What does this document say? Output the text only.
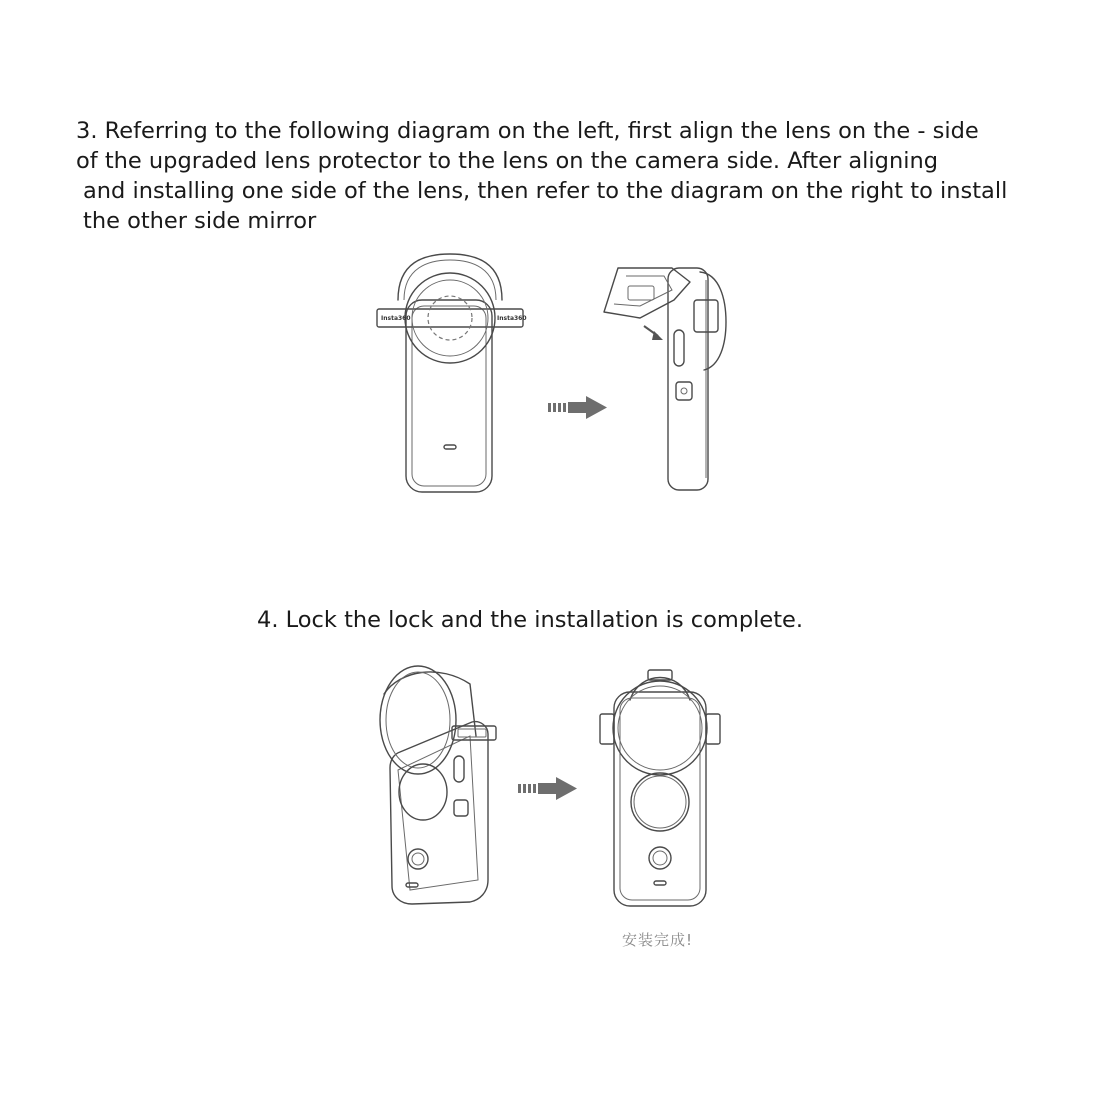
3. Referring to the following diagram on the left, first align the lens on the - side
of the upgraded lens protector to the lens on the camera side. After aligning
and installing one side of the lens, then refer to the diagram on the right to install
the other side mirror
Insta360	Insta360
4. Lock the lock and the installation is complete.
安装完成!
